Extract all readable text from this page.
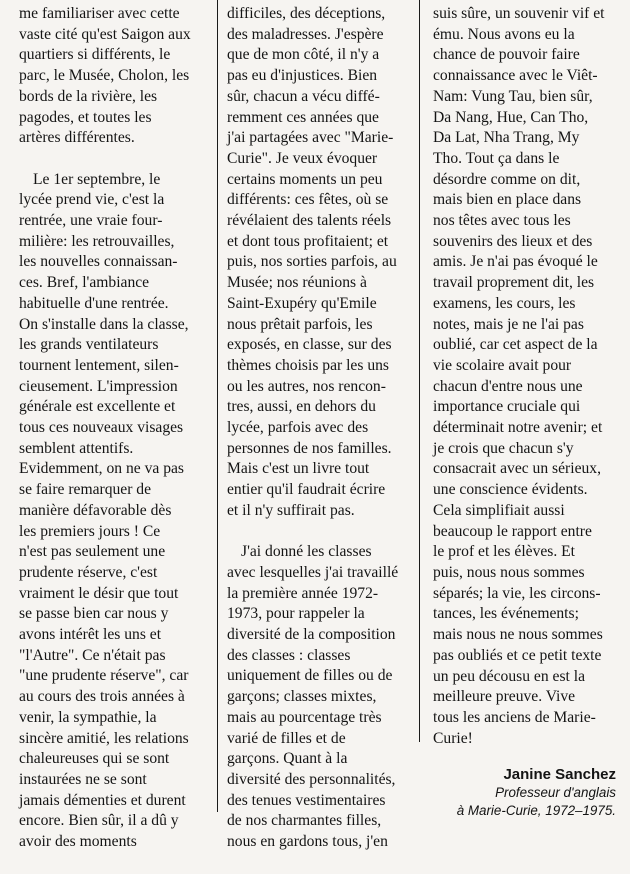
me familiariser avec cette
vaste cité qu'est Saigon aux
quartiers si différents, le
parc, le Musée, Cholon, les
bords de la rivière, les
pagodes, et toutes les
artères différentes.
Le 1er septembre, le
lycée prend vie, c'est la
rentrée, une vraie four-
milière: les retrouvailles,
les nouvelles connaissan-
ces. Bref, l'ambiance
habituelle d'une rentrée.
On s'installe dans la classe,
les grands ventilateurs
tournent lentement, silen-
cieusement. L'impression
générale est excellente et
tous ces nouveaux visages
semblent attentifs.
Evidemment, on ne va pas
se faire remarquer de
manière défavorable dès
les premiers jours ! Ce
n'est pas seulement une
prudente réserve, c'est
vraiment le désir que tout
se passe bien car nous y
avons intérêt les uns et
"l'Autre". Ce n'était pas
"une prudente réserve", car
au cours des trois années à
venir, la sympathie, la
sincère amitié, les relations
chaleureuses qui se sont
instaurées ne se sont
jamais démenties et durent
encore. Bien sûr, il a dû y
avoir des moments
difficiles, des déceptions,
des maladresses. J'espère
que de mon côté, il n'y a
pas eu d'injustices. Bien
sûr, chacun a vécu diffé-
remment ces années que
j'ai partagées avec "Marie-
Curie". Je veux évoquer
certains moments un peu
différents: ces fêtes, où se
révélaient des talents réels
et dont tous profitaient; et
puis, nos sorties parfois, au
Musée; nos réunions à
Saint-Exupéry qu'Emile
nous prêtait parfois, les
exposés, en classe, sur des
thèmes choisis par les uns
ou les autres, nos rencon-
tres, aussi, en dehors du
lycée, parfois avec des
personnes de nos familles.
Mais c'est un livre tout
entier qu'il faudrait écrire
et il n'y suffirait pas.
J'ai donné les classes
avec lesquelles j'ai travaillé
la première année 1972-
1973, pour rappeler la
diversité de la composition
des classes : classes
uniquement de filles ou de
garçons; classes mixtes,
mais au pourcentage très
varié de filles et de
garçons. Quant à la
diversité des personnalités,
des tenues vestimentaires
de nos charmantes filles,
nous en gardons tous, j'en
suis sûre, un souvenir vif et
ému. Nous avons eu la
chance de pouvoir faire
connaissance avec le Viêt-
Nam: Vung Tau, bien sûr,
Da Nang, Hue, Can Tho,
Da Lat, Nha Trang, My
Tho. Tout ça dans le
désordre comme on dit,
mais bien en place dans
nos têtes avec tous les
souvenirs des lieux et des
amis. Je n'ai pas évoqué le
travail proprement dit, les
examens, les cours, les
notes, mais je ne l'ai pas
oublié, car cet aspect de la
vie scolaire avait pour
chacun d'entre nous une
importance cruciale qui
déterminait notre avenir; et
je crois que chacun s'y
consacrait avec un sérieux,
une conscience évidents.
Cela simplifiait aussi
beaucoup le rapport entre
le prof et les élèves. Et
puis, nous nous sommes
séparés; la vie, les circons-
tances, les événements;
mais nous ne nous sommes
pas oubliés et ce petit texte
un peu décousu en est la
meilleure preuve. Vive
tous les anciens de Marie-
Curie!
Janine Sanchez
Professeur d'anglais
à Marie-Curie, 1972–1975.
